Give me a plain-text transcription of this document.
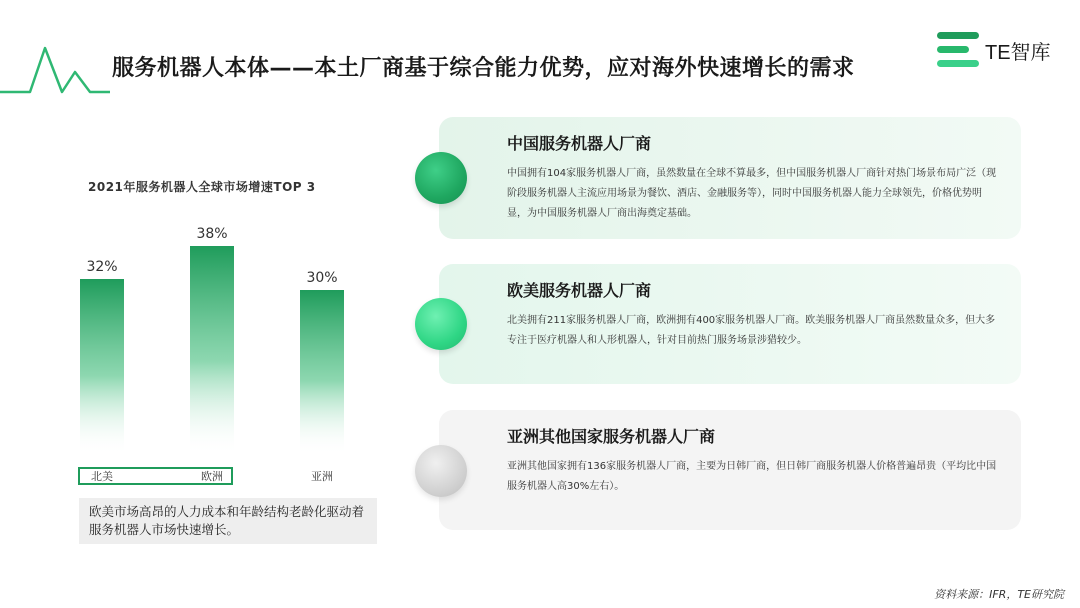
服务机器人本体——本土厂商基于综合能力优势，应对海外快速增长的需求
TE智库
2021年服务机器人全球市场增速TOP 3
32%
北美
38%
欧洲
30%
亚洲
欧美市场高昂的人力成本和年龄结构老龄化驱动着服务机器人市场快速增长。
中国服务机器人厂商
中国拥有104家服务机器人厂商，虽然数量在全球不算最多，但中国服务机器人厂商针对热门场景布局广泛（现阶段服务机器人主流应用场景为餐饮、酒店、金融服务等），同时中国服务机器人能力全球领先，价格优势明显，为中国服务机器人厂商出海奠定基础。
欧美服务机器人厂商
北美拥有211家服务机器人厂商，欧洲拥有400家服务机器人厂商。欧美服务机器人厂商虽然数量众多，但大多专注于医疗机器人和人形机器人，针对目前热门服务场景涉猎较少。
亚洲其他国家服务机器人厂商
亚洲其他国家拥有136家服务机器人厂商，主要为日韩厂商，但日韩厂商服务机器人价格普遍昂贵（平均比中国服务机器人高30%左右）。
资料来源：IFR，TE研究院
